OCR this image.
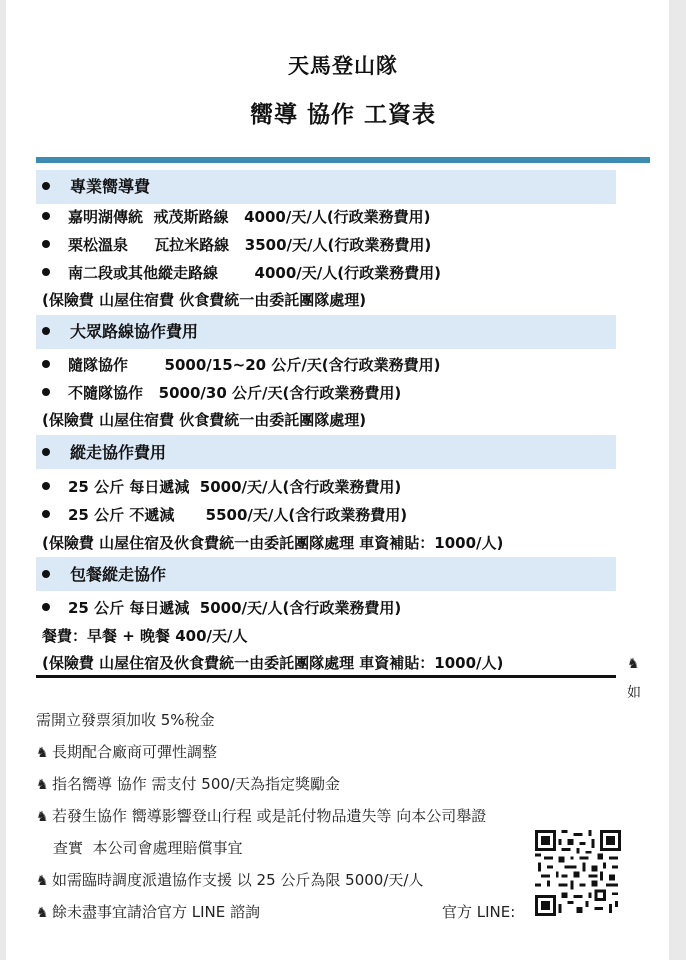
天馬登山隊
嚮導 協作 工資表
專業嚮導費
嘉明湖傳統  戒茂斯路線   4000/天/人(行政業務費用)
栗松溫泉     瓦拉米路線   3500/天/人(行政業務費用)
南二段或其他縱走路線       4000/天/人(行政業務費用)
(保險費 山屋住宿費 伙食費統一由委託團隊處理)
大眾路線協作費用
隨隊協作       5000/15~20 公斤/天(含行政業務費用)
不隨隊協作   5000/30 公斤/天(含行政業務費用)
(保險費 山屋住宿費 伙食費統一由委託團隊處理)
縱走協作費用
25 公斤 每日遞減  5000/天/人(含行政業務費用)
25 公斤 不遞減      5500/天/人(含行政業務費用)
(保險費 山屋住宿及伙食費統一由委託團隊處理 車資補貼：1000/人)
包餐縱走協作
25 公斤 每日遞減  5000/天/人(含行政業務費用)
餐費：早餐 + 晚餐 400/天/人
(保險費 山屋住宿及伙食費統一由委託團隊處理 車資補貼：1000/人)	♞
如
需開立發票須加收 5%稅金
♞ 長期配合廠商可彈性調整
♞ 指名嚮導 協作 需支付 500/天為指定獎勵金
♞ 若發生協作 嚮導影響登山行程 或是託付物品遺失等 向本公司舉證
查實  本公司會處理賠償事宜
♞ 如需臨時調度派遣協作支援 以 25 公斤為限 5000/天/人
♞ 餘未盡事宜請洽官方 LINE 諮詢	官方 LINE:
